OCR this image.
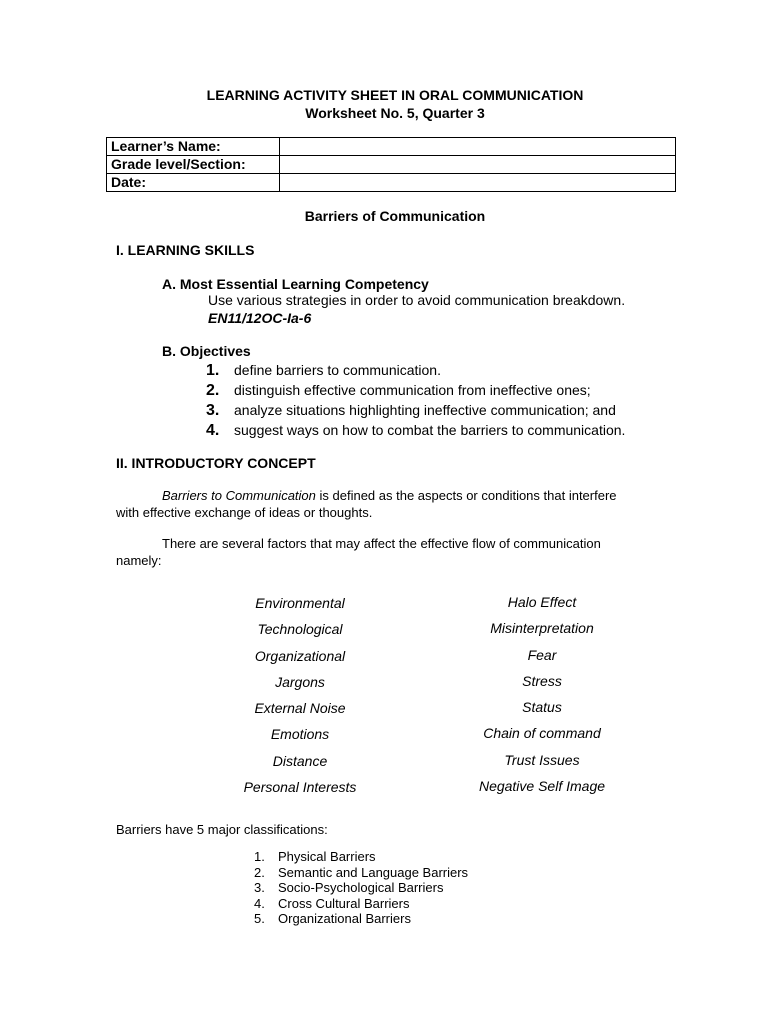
LEARNING ACTIVITY SHEET IN ORAL COMMUNICATION
Worksheet No. 5, Quarter 3
Learner’s Name:	
Grade level/Section:	
Date:	
Barriers of Communication
I. LEARNING SKILLS
A. Most Essential Learning Competency
Use various strategies in order to avoid communication breakdown.
EN11/12OC-Ia-6
B. Objectives
1. define barriers to communication.
2. distinguish effective communication from ineffective ones;
3. analyze situations highlighting ineffective communication; and
4. suggest ways on how to combat the barriers to communication.
II. INTRODUCTORY CONCEPT
Barriers to Communication is defined as the aspects or conditions that interfere
with effective exchange of ideas or thoughts.
There are several factors that may affect the effective flow of communication
namely:
Environmental
Technological
Organizational
Jargons
External Noise
Emotions
Distance
Personal Interests
Halo Effect
Misinterpretation
Fear
Stress
Status
Chain of command
Trust Issues
Negative Self Image
Barriers have 5 major classifications:
1. Physical Barriers
2. Semantic and Language Barriers
3. Socio-Psychological Barriers
4. Cross Cultural Barriers
5. Organizational Barriers
